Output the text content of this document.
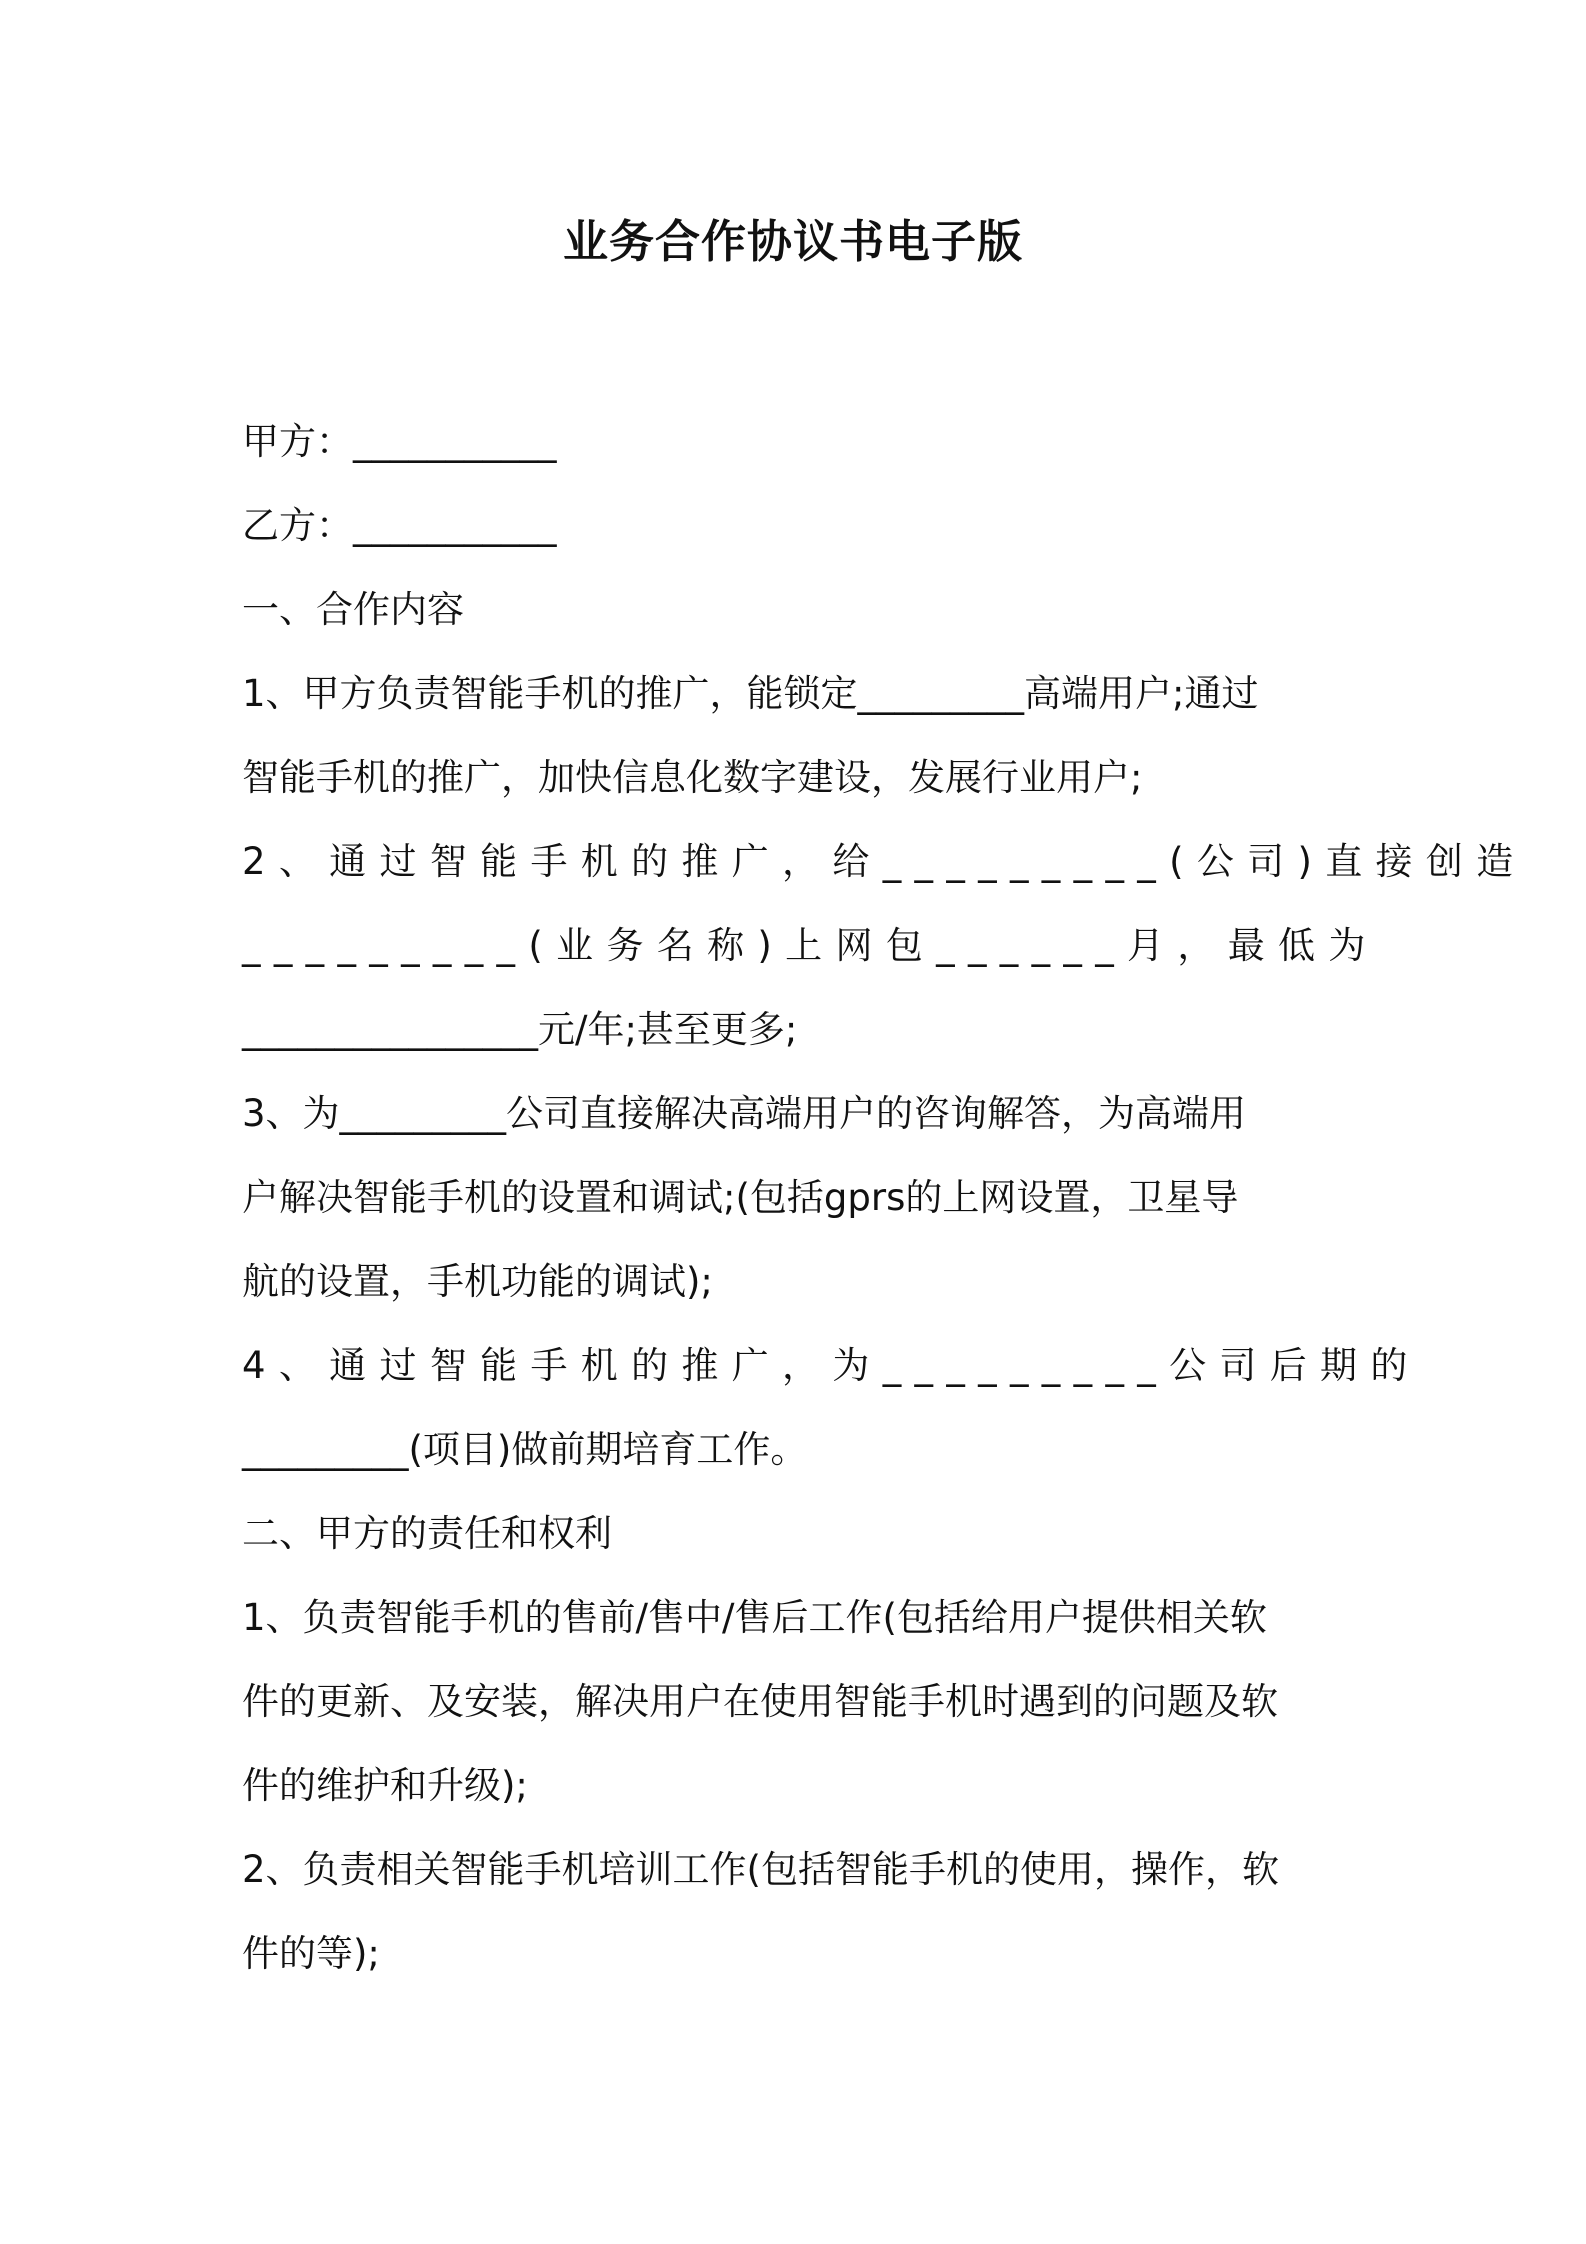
业务合作协议书电子版
甲方：___________
乙方：___________
一、合作内容
1、甲方负责智能手机的推广，能锁定_________高端用户;通过
智能手机的推广，加快信息化数字建设，发展行业用户;
2、通过智能手机的推广，给_________(公司)直接创造
_________(业务名称)上网包______月，最低为
________________元/年;甚至更多;
3、为_________公司直接解决高端用户的咨询解答，为高端用
户解决智能手机的设置和调试;(包括gprs的上网设置，卫星导
航的设置，手机功能的调试);
4、通过智能手机的推广，为_________公司后期的
_________(项目)做前期培育工作。
二、甲方的责任和权利
1、负责智能手机的售前/售中/售后工作(包括给用户提供相关软
件的更新、及安装，解决用户在使用智能手机时遇到的问题及软
件的维护和升级);
2、负责相关智能手机培训工作(包括智能手机的使用，操作，软
件的等);
